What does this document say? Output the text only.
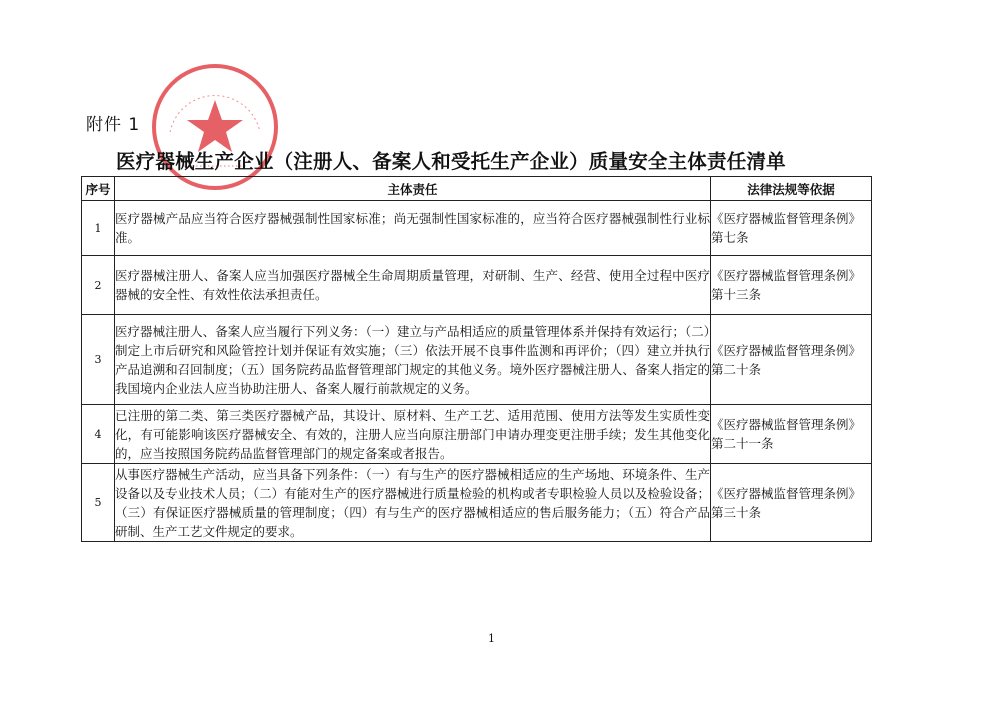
附件 1
医疗器械生产企业（注册人、备案人和受托生产企业）质量安全主体责任清单
序号	主体责任	法律法规等依据
1	医疗器械产品应当符合医疗器械强制性国家标准；尚无强制性国家标准的，应当符合医疗器械强制性行业标准。	《医疗器械监督管理条例》第七条
2	医疗器械注册人、备案人应当加强医疗器械全生命周期质量管理，对研制、生产、经营、使用全过程中医疗器械的安全性、有效性依法承担责任。	《医疗器械监督管理条例》第十三条
3	医疗器械注册人、备案人应当履行下列义务：（一）建立与产品相适应的质量管理体系并保持有效运行；（二）制定上市后研究和风险管控计划并保证有效实施；（三）依法开展不良事件监测和再评价；（四）建立并执行产品追溯和召回制度；（五）国务院药品监督管理部门规定的其他义务。境外医疗器械注册人、备案人指定的我国境内企业法人应当协助注册人、备案人履行前款规定的义务。	《医疗器械监督管理条例》第二十条
4	已注册的第二类、第三类医疗器械产品，其设计、原材料、生产工艺、适用范围、使用方法等发生实质性变化，有可能影响该医疗器械安全、有效的，注册人应当向原注册部门申请办理变更注册手续；发生其他变化的，应当按照国务院药品监督管理部门的规定备案或者报告。	《医疗器械监督管理条例》第二十一条
5	从事医疗器械生产活动，应当具备下列条件：（一）有与生产的医疗器械相适应的生产场地、环境条件、生产设备以及专业技术人员；（二）有能对生产的医疗器械进行质量检验的机构或者专职检验人员以及检验设备；（三）有保证医疗器械质量的管理制度；（四）有与生产的医疗器械相适应的售后服务能力；（五）符合产品研制、生产工艺文件规定的要求。	《医疗器械监督管理条例》第三十条
1
